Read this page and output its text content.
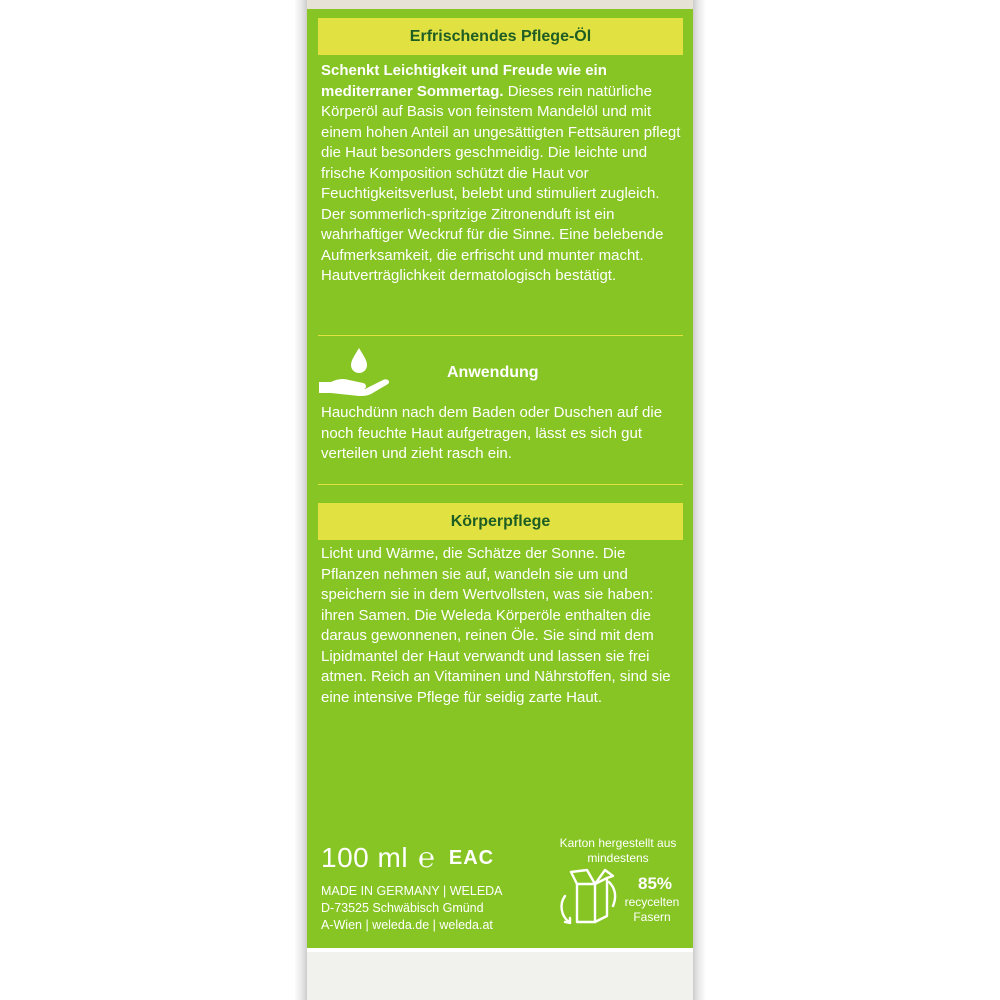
Erfrischendes Pflege-Öl
Schenkt Leichtigkeit und Freude wie ein mediterraner Sommertag. Dieses rein natürliche Körperöl auf Basis von feinstem Mandelöl und mit einem hohen Anteil an ungesättigten Fettsäuren pflegt die Haut besonders geschmeidig. Die leichte und frische Komposition schützt die Haut vor Feuchtigkeitsverlust, belebt und stimuliert zugleich. Der sommerlich-spritzige Zitronenduft ist ein wahrhaftiger Weckruf für die Sinne. Eine belebende Aufmerksamkeit, die erfrischt und munter macht.
Hautverträglichkeit dermatologisch bestätigt.
Anwendung
Hauchdünn nach dem Baden oder Duschen auf die noch feuchte Haut aufgetragen, lässt es sich gut verteilen und zieht rasch ein.
Körperpflege
Licht und Wärme, die Schätze der Sonne. Die Pflanzen nehmen sie auf, wandeln sie um und speichern sie in dem Wertvollsten, was sie haben: ihren Samen. Die Weleda Körperöle enthalten die daraus gewonnenen, reinen Öle. Sie sind mit dem Lipidmantel der Haut verwandt und lassen sie frei atmen. Reich an Vitaminen und Nährstoffen, sind sie eine intensive Pflege für seidig zarte Haut.
100 ml ℮ EAC
MADE IN GERMANY | WELEDA
D-73525 Schwäbisch Gmünd
A-Wien | weleda.de | weleda.at
Karton hergestellt aus mindestens
85%
recycelten Fasern
